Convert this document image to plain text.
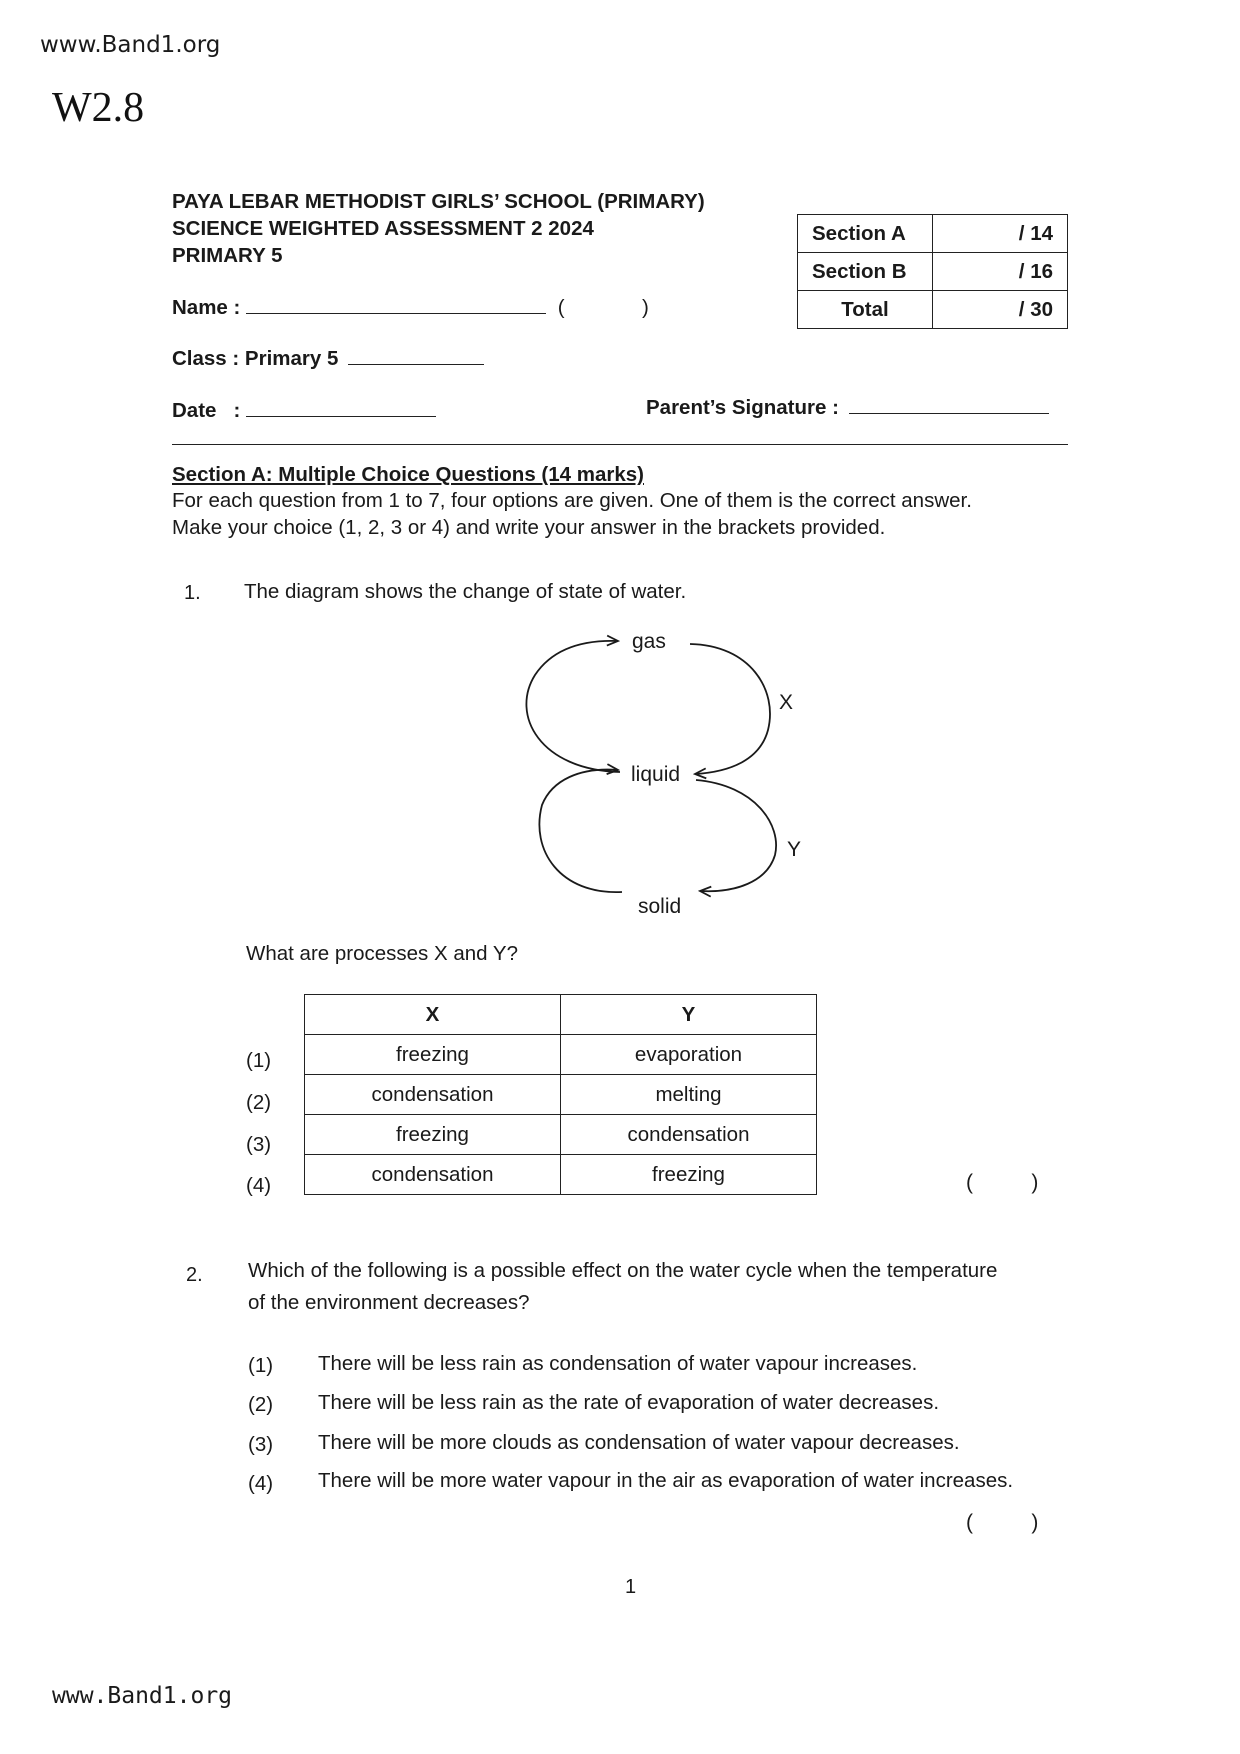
www.Band1.org
W2.8
PAYA LEBAR METHODIST GIRLS’ SCHOOL (PRIMARY)
SCIENCE WEIGHTED ASSESSMENT 2 2024
PRIMARY 5
Section A	/ 14
Section B	/ 16
Total	/ 30
Name :	(	)
Class : Primary 5
Date   :	Parent’s Signature :
Section A: Multiple Choice Questions (14 marks)
For each question from 1 to 7, four options are given. One of them is the correct answer.
Make your choice (1, 2, 3 or 4) and write your answer in the brackets provided.
1. The diagram shows the change of state of water.
gas
liquid
solid
X
Y
What are processes X and Y?
X	Y
freezing	evaporation
condensation	melting
freezing	condensation
condensation	freezing
(1)
(2)
(3)
(4)	(          )
2. Which of the following is a possible effect on the water cycle when the temperature
of the environment decreases?
(1) There will be less rain as condensation of water vapour increases.
(2) There will be less rain as the rate of evaporation of water decreases.
(3) There will be more clouds as condensation of water vapour decreases.
(4) There will be more water vapour in the air as evaporation of water increases.
(          )
1
www.Band1.org
